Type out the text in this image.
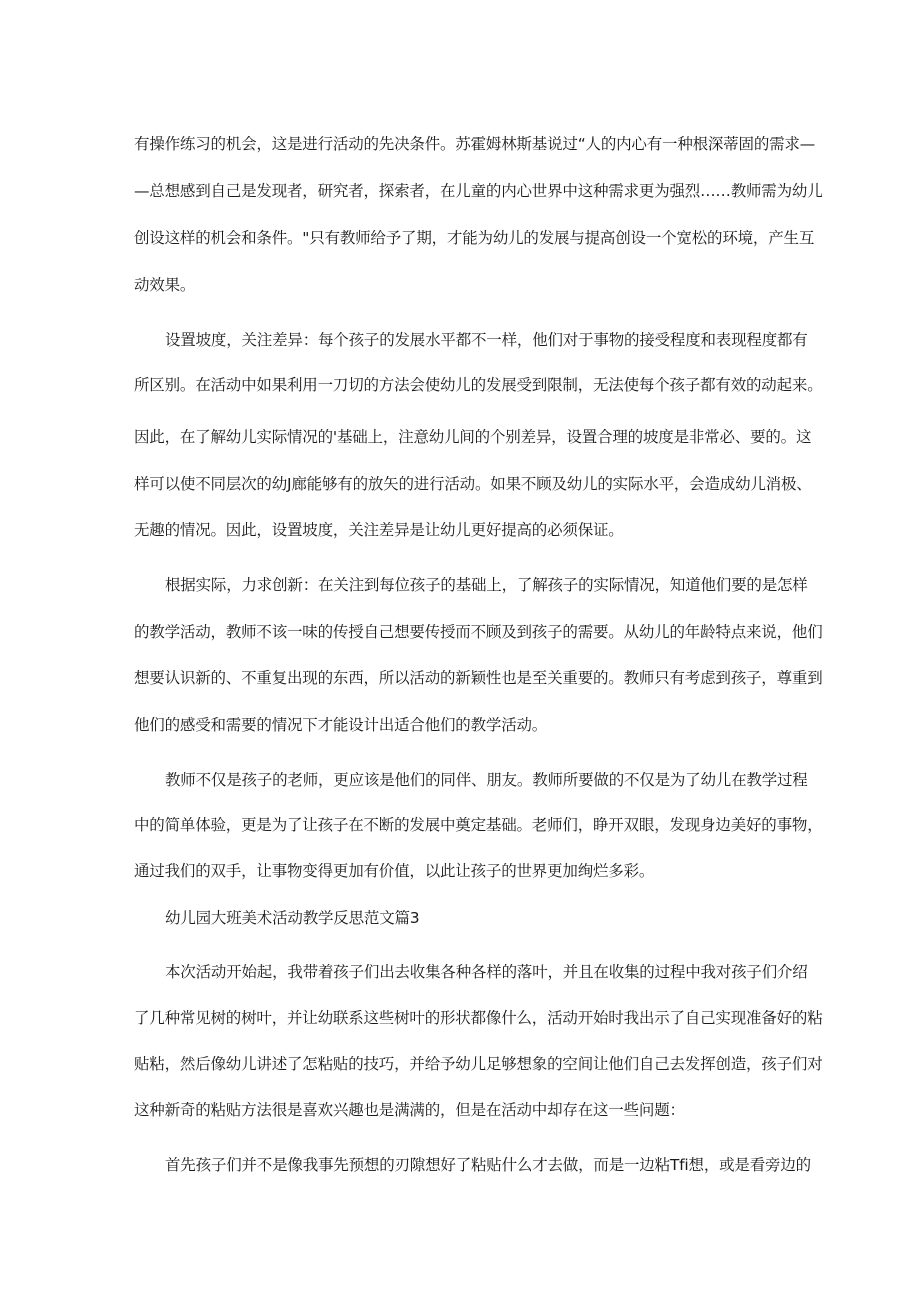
有操作练习的机会，这是进行活动的先决条件。苏霍姆林斯基说过“人的内心有一种根深蒂固的需求—
—总想感到自己是发现者，研究者，探索者，在儿童的内心世界中这种需求更为强烈……教师需为幼儿
创设这样的机会和条件。"只有教师给予了期，才能为幼儿的发展与提高创设一个宽松的环境，产生互
动效果。
设置坡度，关注差异：每个孩子的发展水平都不一样，他们对于事物的接受程度和表现程度都有
所区别。在活动中如果利用一刀切的方法会使幼儿的发展受到限制，无法使每个孩子都有效的动起来。
因此，在了解幼儿实际情况的'基础上，注意幼儿间的个别差异，设置合理的坡度是非常必、要的。这
样可以使不同层次的幼J廊能够有的放矢的进行活动。如果不顾及幼儿的实际水平，会造成幼儿消极、
无趣的情况。因此，设置坡度，关注差异是让幼儿更好提高的必须保证。
根据实际，力求创新：在关注到每位孩子的基础上，了解孩子的实际情况，知道他们要的是怎样
的教学活动，教师不该一味的传授自己想要传授而不顾及到孩子的需要。从幼儿的年龄特点来说，他们
想要认识新的、不重复出现的东西，所以活动的新颖性也是至关重要的。教师只有考虑到孩子，尊重到
他们的感受和需要的情况下才能设计出适合他们的教学活动。
教师不仅是孩子的老师，更应该是他们的同伴、朋友。教师所要做的不仅是为了幼儿在教学过程
中的简单体验，更是为了让孩子在不断的发展中奠定基础。老师们，睁开双眼，发现身边美好的事物，
通过我们的双手，让事物变得更加有价值，以此让孩子的世界更加绚烂多彩。
幼儿园大班美术活动教学反思范文篇3
本次活动开始起，我带着孩子们出去收集各种各样的落叶，并且在收集的过程中我对孩子们介绍
了几种常见树的树叶，并让幼联系这些树叶的形状都像什么，活动开始时我出示了自己实现准备好的粘
贴粘，然后像幼儿讲述了怎粘贴的技巧，并给予幼儿足够想象的空间让他们自己去发挥创造，孩子们对
这种新奇的粘贴方法很是喜欢兴趣也是满满的，但是在活动中却存在这一些问题：
首先孩子们并不是像我事先预想的刃隙想好了粘贴什么才去做，而是一边粘Tfi想，或是看旁边的
